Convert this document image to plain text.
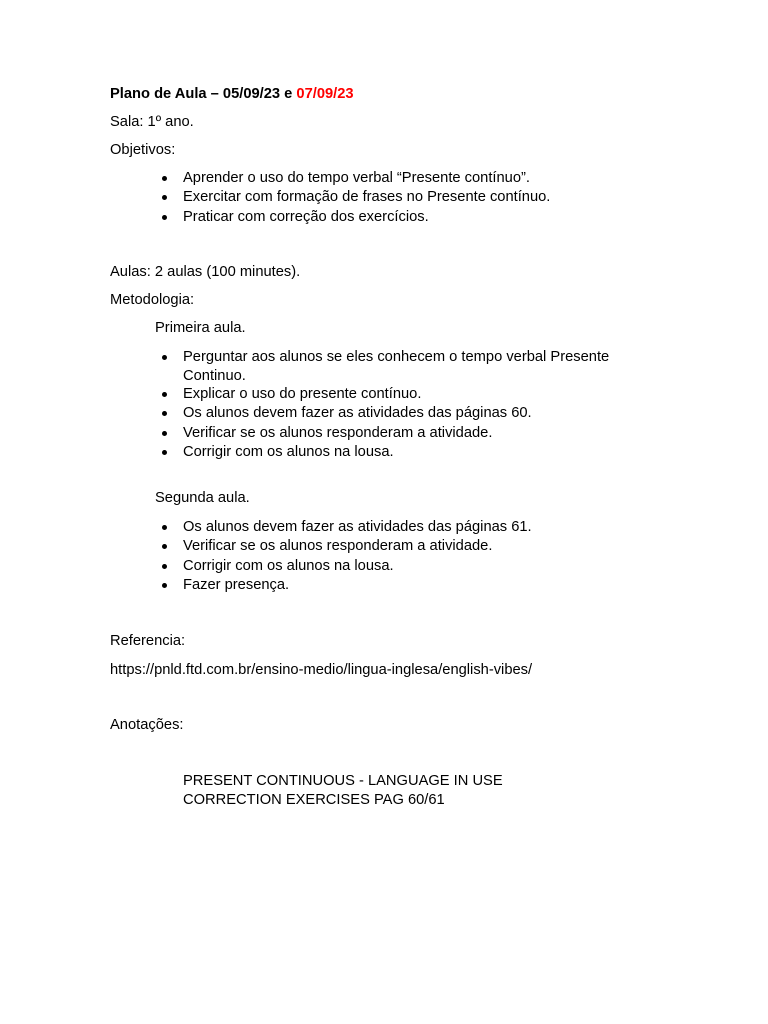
Plano de Aula – 05/09/23 e 07/09/23
Sala: 1º ano.
Objetivos:
Aprender o uso do tempo verbal “Presente contínuo”.
Exercitar com formação de frases no Presente contínuo.
Praticar com correção dos exercícios.
Aulas: 2 aulas (100 minutes).
Metodologia:
Primeira aula.
Perguntar aos alunos se eles conhecem o tempo verbal Presente Continuo.
Explicar o uso do presente contínuo.
Os alunos devem fazer as atividades das páginas 60.
Verificar se os alunos responderam a atividade.
Corrigir com os alunos na lousa.
Segunda aula.
Os alunos devem fazer as atividades das páginas 61.
Verificar se os alunos responderam a atividade.
Corrigir com os alunos na lousa.
Fazer presença.
Referencia:
https://pnld.ftd.com.br/ensino-medio/lingua-inglesa/english-vibes/
Anotações:
PRESENT CONTINUOUS - LANGUAGE IN USE
CORRECTION EXERCISES PAG 60/61
